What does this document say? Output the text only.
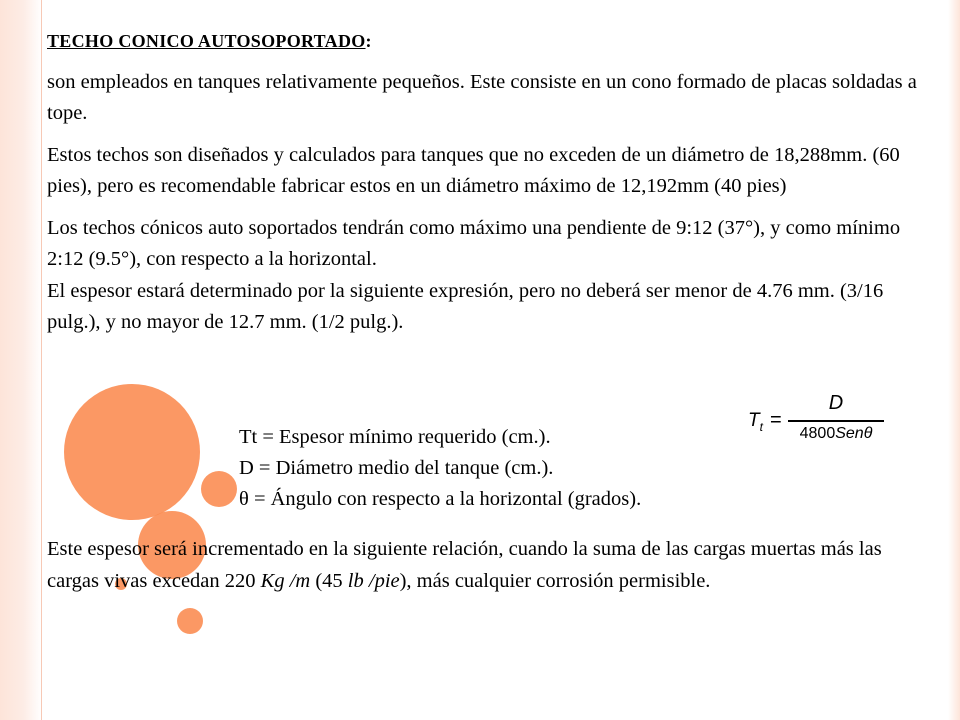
TECHO CONICO AUTOSOPORTADO:

son empleados en tanques relativamente pequeños. Este consiste en un cono formado de placas soldadas a tope.

Estos techos son diseñados y calculados para tanques que no exceden de un diámetro de 18,288mm. (60 pies), pero es recomendable fabricar estos en un diámetro máximo de 12,192mm (40 pies)

Los techos cónicos auto soportados tendrán como máximo una pendiente de 9:12 (37°), y como mínimo 2:12 (9.5°), con respecto a la horizontal.

El espesor estará determinado por la siguiente expresión, pero no deberá ser menor de 4.76 mm. (3/16 pulg.), y no mayor de 12.7 mm. (1/2 pulg.).

$T_t$ =
D
4800Senθ
Tt = Espesor mínimo requerido (cm.).
D = Diámetro medio del tanque (cm.).
θ = Ángulo con respecto a la horizontal (grados).
Este espesor será incrementado en la siguiente relación, cuando la suma de las cargas muertas más las cargas vivas excedan 220 Kg /m (45 lb /pie), más cualquier corrosión permisible.
